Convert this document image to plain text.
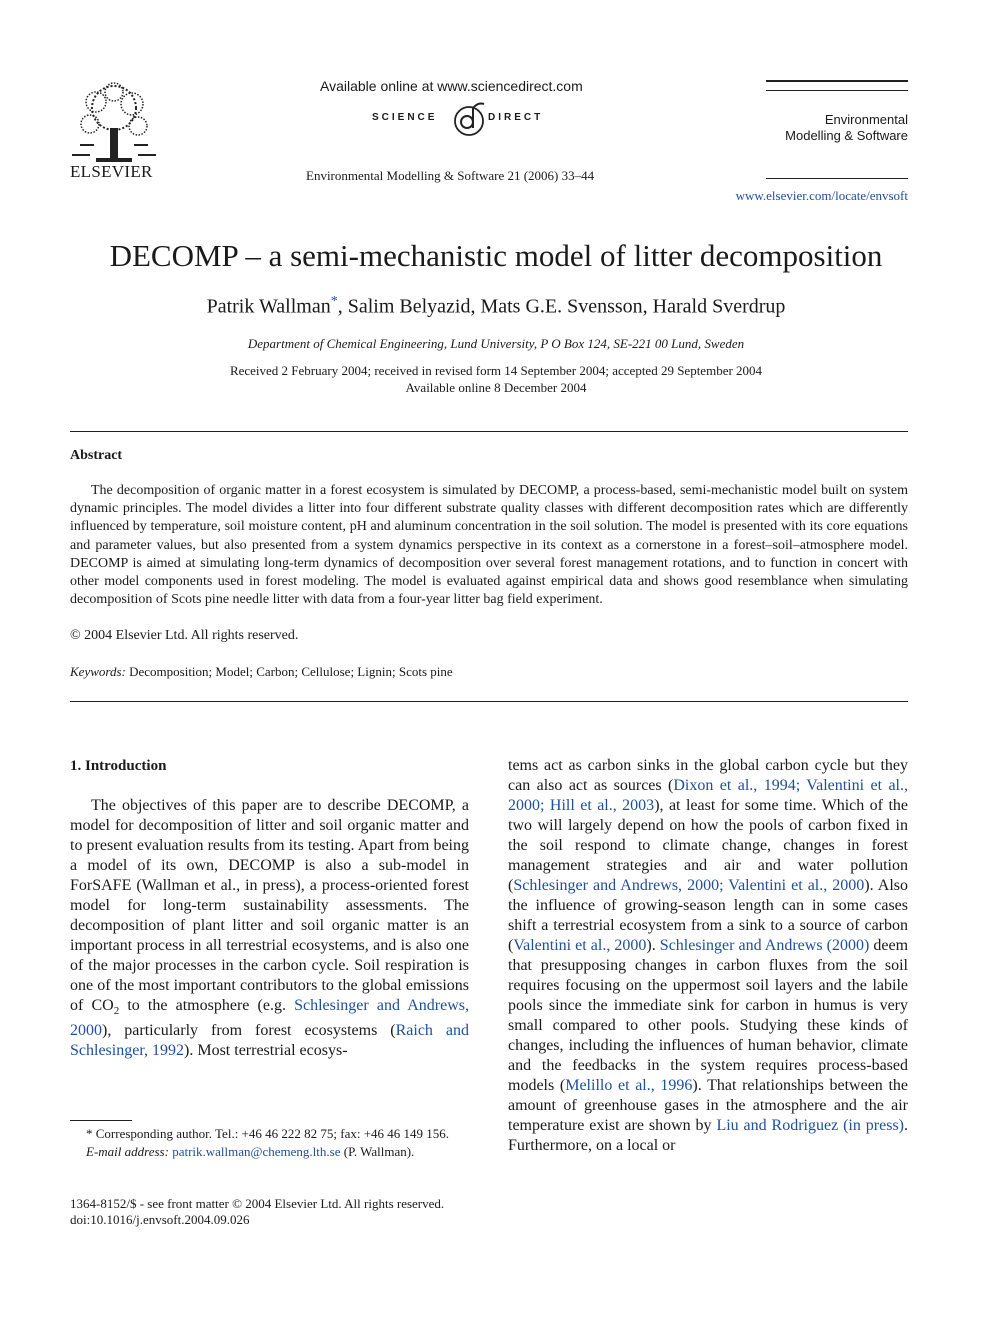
ELSEVIER
Available online at www.sciencedirect.com
SCIENCE	DIRECT
Environmental Modelling & Software 21 (2006) 33–44
Environmental
Modelling & Software
www.elsevier.com/locate/envsoft
DECOMP – a semi-mechanistic model of litter decomposition
Patrik Wallman*, Salim Belyazid, Mats G.E. Svensson, Harald Sverdrup
Department of Chemical Engineering, Lund University, P O Box 124, SE-221 00 Lund, Sweden
Received 2 February 2004; received in revised form 14 September 2004; accepted 29 September 2004
Available online 8 December 2004
Abstract

The decomposition of organic matter in a forest ecosystem is simulated by DECOMP, a process-based, semi-mechanistic model built on system dynamic principles. The model divides a litter into four different substrate quality classes with different decomposition rates which are differently influenced by temperature, soil moisture content, pH and aluminum concentration in the soil solution. The model is presented with its core equations and parameter values, but also presented from a system dynamics perspective in its context as a cornerstone in a forest–soil–atmosphere model. DECOMP is aimed at simulating long-term dynamics of decomposition over several forest management rotations, and to function in concert with other model components used in forest modeling. The model is evaluated against empirical data and shows good resemblance when simulating decomposition of Scots pine needle litter with data from a four-year litter bag field experiment.

© 2004 Elsevier Ltd. All rights reserved.
Keywords: Decomposition; Model; Carbon; Cellulose; Lignin; Scots pine
1. Introduction
The objectives of this paper are to describe DECOMP, a model for decomposition of litter and soil organic matter and to present evaluation results from its testing. Apart from being a model of its own, DECOMP is also a sub-model in ForSAFE (Wallman et al., in press), a process-oriented forest model for long-term sustainability assessments. The decomposition of plant litter and soil organic matter is an important process in all terrestrial ecosystems, and is also one of the major processes in the carbon cycle. Soil respiration is one of the most important contributors to the global emissions of $CO_2$ to the atmosphere (e.g. Schlesinger and Andrews, 2000), particularly from forest ecosystems (Raich and Schlesinger, 1992). Most terrestrial ecosys-
tems act as carbon sinks in the global carbon cycle but they can also act as sources (Dixon et al., 1994; Valentini et al., 2000; Hill et al., 2003), at least for some time. Which of the two will largely depend on how the pools of carbon fixed in the soil respond to climate change, changes in forest management strategies and air and water pollution (Schlesinger and Andrews, 2000; Valentini et al., 2000). Also the influence of growing-season length can in some cases shift a terrestrial ecosystem from a sink to a source of carbon (Valentini et al., 2000). Schlesinger and Andrews (2000) deem that presupposing changes in carbon fluxes from the soil requires focusing on the uppermost soil layers and the labile pools since the immediate sink for carbon in humus is very small compared to other pools. Studying these kinds of changes, including the influences of human behavior, climate and the feedbacks in the system requires process-based models (Melillo et al., 1996). That relationships between the amount of greenhouse gases in the atmosphere and the air temperature exist are shown by Liu and Rodriguez (in press). Furthermore, on a local or

* Corresponding author. Tel.: +46 46 222 82 75; fax: +46 46 149 156.

E-mail address: patrik.wallman@chemeng.lth.se (P. Wallman).

1364-8152/$ - see front matter © 2004 Elsevier Ltd. All rights reserved.
doi:10.1016/j.envsoft.2004.09.026
